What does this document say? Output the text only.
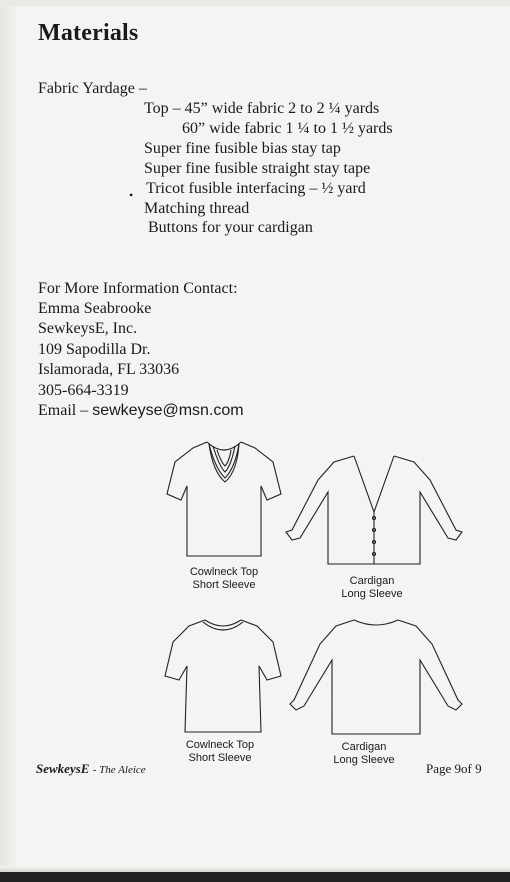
Materials
Fabric Yardage –
Top – 45” wide fabric 2 to 2 ¼ yards
60” wide fabric 1 ¼ to 1 ½ yards
Super fine fusible bias stay tap
Super fine fusible straight stay tape
• Tricot fusible interfacing – ½ yard
Matching thread
Buttons for your cardigan
For More Information Contact:
Emma Seabrooke
SewkeysE, Inc.
109 Sapodilla Dr.
Islamorada, FL 33036
305-664-3319
Email – sewkeyse@msn.com
Cowlneck Top
Short Sleeve	Cardigan
Long Sleeve
Cowlneck Top
Short Sleeve
Cardigan
Long Sleeve
SewkeysE - The Aleice	Page 9of 9
